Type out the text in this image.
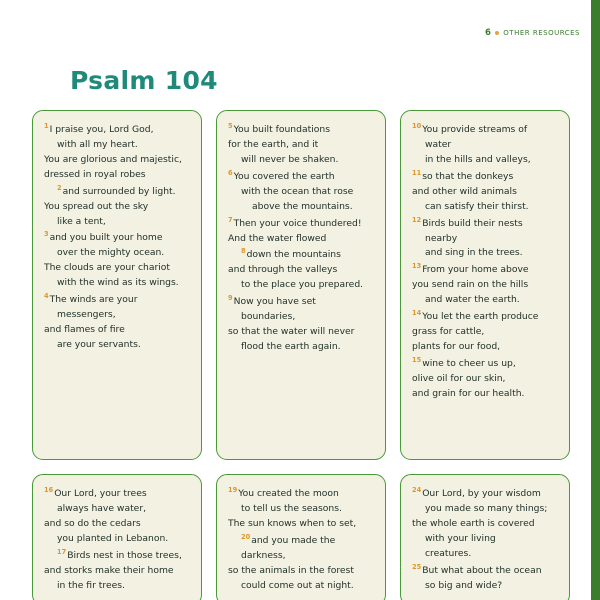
6 OTHER RESOURCES
Psalm 104
$^1$I praise you, Lord God,
with all my heart.
You are glorious and majestic,
dressed in royal robes
$^2$and surrounded by light.
You spread out the sky
like a tent,
$^3$and you built your home
over the mighty ocean.
The clouds are your chariot
with the wind as its wings.
$^4$The winds are your
messengers,
and flames of fire
are your servants.
$^5$You built foundations
for the earth, and it
will never be shaken.
$^6$You covered the earth
with the ocean that rose
above the mountains.
$^7$Then your voice thundered!
And the water flowed
$^8$down the mountains
and through the valleys
to the place you prepared.
$^9$Now you have set
boundaries,
so that the water will never
flood the earth again.
$^{10}$You provide streams of
water
in the hills and valleys,
$^{11}$so that the donkeys
and other wild animals
can satisfy their thirst.
$^{12}$Birds build their nests
nearby
and sing in the trees.
$^{13}$From your home above
you send rain on the hills
and water the earth.
$^{14}$You let the earth produce
grass for cattle,
plants for our food,
$^{15}$wine to cheer us up,
olive oil for our skin,
and grain for our health.
$^{16}$Our Lord, your trees
always have water,
and so do the cedars
you planted in Lebanon.
$^{17}$Birds nest in those trees,
and storks make their home
in the fir trees.
$^{19}$You created the moon
to tell us the seasons.
The sun knows when to set,
$^{20}$and you made the
darkness,
so the animals in the forest
could come out at night.
$^{24}$Our Lord, by your wisdom
you made so many things;
the whole earth is covered
with your living
creatures.
$^{25}$But what about the ocean
so big and wide?
